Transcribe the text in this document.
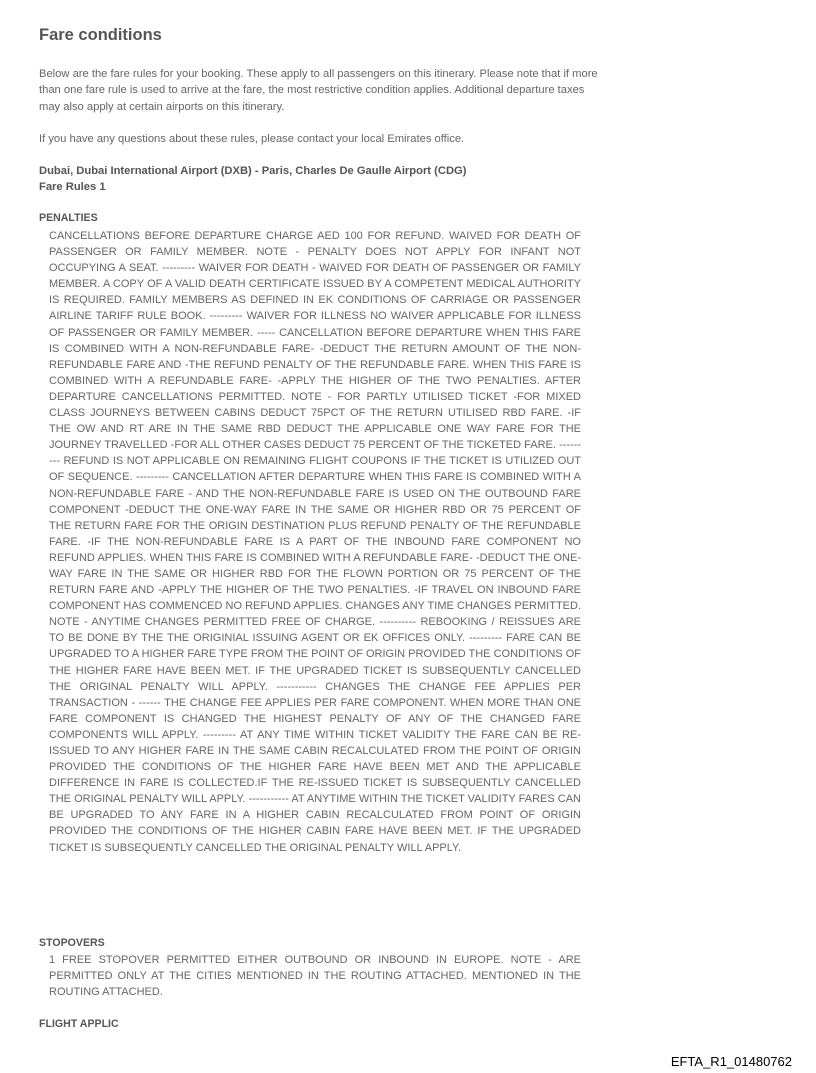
Fare conditions

Below are the fare rules for your booking. These apply to all passengers on this itinerary. Please note that if more than one fare rule is used to arrive at the fare, the most restrictive condition applies. Additional departure taxes may also apply at certain airports on this itinerary.

If you have any questions about these rules, please contact your local Emirates office.

Dubai, Dubai International Airport (DXB) - Paris, Charles De Gaulle Airport (CDG)
Fare Rules 1
PENALTIES

CANCELLATIONS BEFORE DEPARTURE CHARGE AED 100 FOR REFUND. WAIVED FOR DEATH OF PASSENGER OR FAMILY MEMBER. NOTE - PENALTY DOES NOT APPLY FOR INFANT NOT OCCUPYING A SEAT. --------- WAIVER FOR DEATH - WAIVED FOR DEATH OF PASSENGER OR FAMILY MEMBER. A COPY OF A VALID DEATH CERTIFICATE ISSUED BY A COMPETENT MEDICAL AUTHORITY IS REQUIRED. FAMILY MEMBERS AS DEFINED IN EK CONDITIONS OF CARRIAGE OR PASSENGER AIRLINE TARIFF RULE BOOK. --------- WAIVER FOR ILLNESS NO WAIVER APPLICABLE FOR ILLNESS OF PASSENGER OR FAMILY MEMBER. ----- CANCELLATION BEFORE DEPARTURE WHEN THIS FARE IS COMBINED WITH A NON-REFUNDABLE FARE- -DEDUCT THE RETURN AMOUNT OF THE NON-REFUNDABLE FARE AND -THE REFUND PENALTY OF THE REFUNDABLE FARE. WHEN THIS FARE IS COMBINED WITH A REFUNDABLE FARE- -APPLY THE HIGHER OF THE TWO PENALTIES. AFTER DEPARTURE CANCELLATIONS PERMITTED. NOTE - FOR PARTLY UTILISED TICKET -FOR MIXED CLASS JOURNEYS BETWEEN CABINS DEDUCT 75PCT OF THE RETURN UTILISED RBD FARE. -IF THE OW AND RT ARE IN THE SAME RBD DEDUCT THE APPLICABLE ONE WAY FARE FOR THE JOURNEY TRAVELLED -FOR ALL OTHER CASES DEDUCT 75 PERCENT OF THE TICKETED FARE. --------- REFUND IS NOT APPLICABLE ON REMAINING FLIGHT COUPONS IF THE TICKET IS UTILIZED OUT OF SEQUENCE. --------- CANCELLATION AFTER DEPARTURE WHEN THIS FARE IS COMBINED WITH A NON-REFUNDABLE FARE - AND THE NON-REFUNDABLE FARE IS USED ON THE OUTBOUND FARE COMPONENT -DEDUCT THE ONE-WAY FARE IN THE SAME OR HIGHER RBD OR 75 PERCENT OF THE RETURN FARE FOR THE ORIGIN DESTINATION PLUS REFUND PENALTY OF THE REFUNDABLE FARE. -IF THE NON-REFUNDABLE FARE IS A PART OF THE INBOUND FARE COMPONENT NO REFUND APPLIES. WHEN THIS FARE IS COMBINED WITH A REFUNDABLE FARE- -DEDUCT THE ONE-WAY FARE IN THE SAME OR HIGHER RBD FOR THE FLOWN PORTION OR 75 PERCENT OF THE RETURN FARE AND -APPLY THE HIGHER OF THE TWO PENALTIES. -IF TRAVEL ON INBOUND FARE COMPONENT HAS COMMENCED NO REFUND APPLIES. CHANGES ANY TIME CHANGES PERMITTED. NOTE - ANYTIME CHANGES PERMITTED FREE OF CHARGE. ---------- REBOOKING / REISSUES ARE TO BE DONE BY THE THE ORIGINIAL ISSUING AGENT OR EK OFFICES ONLY. --------- FARE CAN BE UPGRADED TO A HIGHER FARE TYPE FROM THE POINT OF ORIGIN PROVIDED THE CONDITIONS OF THE HIGHER FARE HAVE BEEN MET. IF THE UPGRADED TICKET IS SUBSEQUENTLY CANCELLED THE ORIGINAL PENALTY WILL APPLY. ----------- CHANGES THE CHANGE FEE APPLIES PER TRANSACTION - ------ THE CHANGE FEE APPLIES PER FARE COMPONENT. WHEN MORE THAN ONE FARE COMPONENT IS CHANGED THE HIGHEST PENALTY OF ANY OF THE CHANGED FARE COMPONENTS WILL APPLY. --------- AT ANY TIME WITHIN TICKET VALIDITY THE FARE CAN BE RE-ISSUED TO ANY HIGHER FARE IN THE SAME CABIN RECALCULATED FROM THE POINT OF ORIGIN PROVIDED THE CONDITIONS OF THE HIGHER FARE HAVE BEEN MET AND THE APPLICABLE DIFFERENCE IN FARE IS COLLECTED.IF THE RE-ISSUED TICKET IS SUBSEQUENTLY CANCELLED THE ORIGINAL PENALTY WILL APPLY. ----------- AT ANYTIME WITHIN THE TICKET VALIDITY FARES CAN BE UPGRADED TO ANY FARE IN A HIGHER CABIN RECALCULATED FROM POINT OF ORIGIN PROVIDED THE CONDITIONS OF THE HIGHER CABIN FARE HAVE BEEN MET. IF THE UPGRADED TICKET IS SUBSEQUENTLY CANCELLED THE ORIGINAL PENALTY WILL APPLY.

STOPOVERS

1 FREE STOPOVER PERMITTED EITHER OUTBOUND OR INBOUND IN EUROPE. NOTE - ARE PERMITTED ONLY AT THE CITIES MENTIONED IN THE ROUTING ATTACHED. MENTIONED IN THE ROUTING ATTACHED.

FLIGHT APPLIC
EFTA_R1_01480762
